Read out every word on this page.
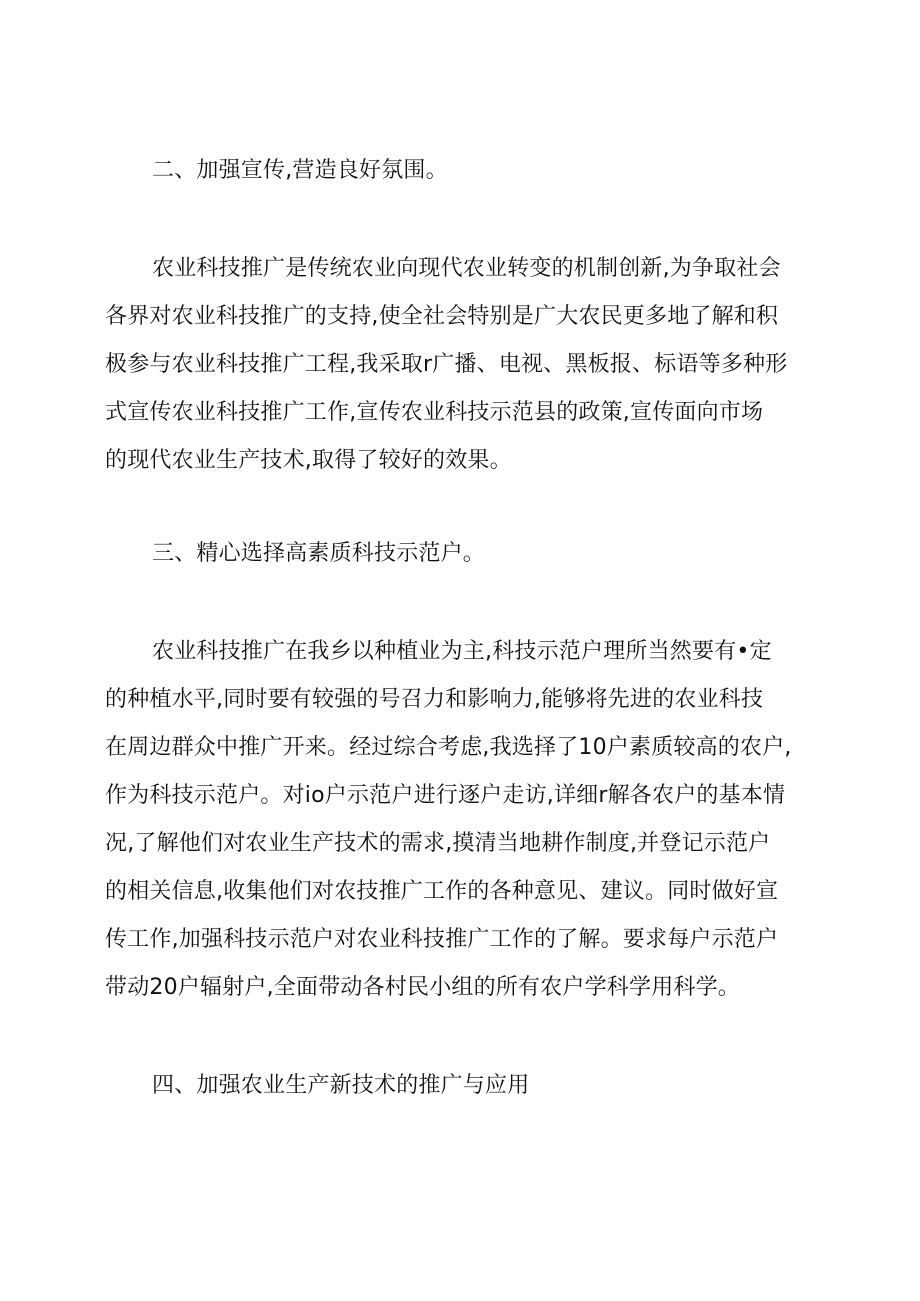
二、加强宣传,营造良好氛围。
农业科技推广是传统农业向现代农业转变的机制创新,为争取社会
各界对农业科技推广的支持,使全社会特别是广大农民更多地了解和积
极参与农业科技推广工程,我采取r广播、电视、黑板报、标语等多种形
式宣传农业科技推广工作,宣传农业科技示范县的政策,宣传面向市场
的现代农业生产技术,取得了较好的效果。
三、精心选择高素质科技示范户。
农业科技推广在我乡以种植业为主,科技示范户理所当然要有•定
的种植水平,同时要有较强的号召力和影响力,能够将先进的农业科技
在周边群众中推广开来。经过综合考虑,我选择了10户素质较高的农户,
作为科技示范户。对io户示范户进行逐户走访,详细r解各农户的基本情
况,了解他们对农业生产技术的需求,摸清当地耕作制度,并登记示范户
的相关信息,收集他们对农技推广工作的各种意见、建议。同时做好宣
传工作,加强科技示范户对农业科技推广工作的了解。要求每户示范户
带动20户辐射户,全面带动各村民小组的所有农户学科学用科学。
四、加强农业生产新技术的推广与应用
